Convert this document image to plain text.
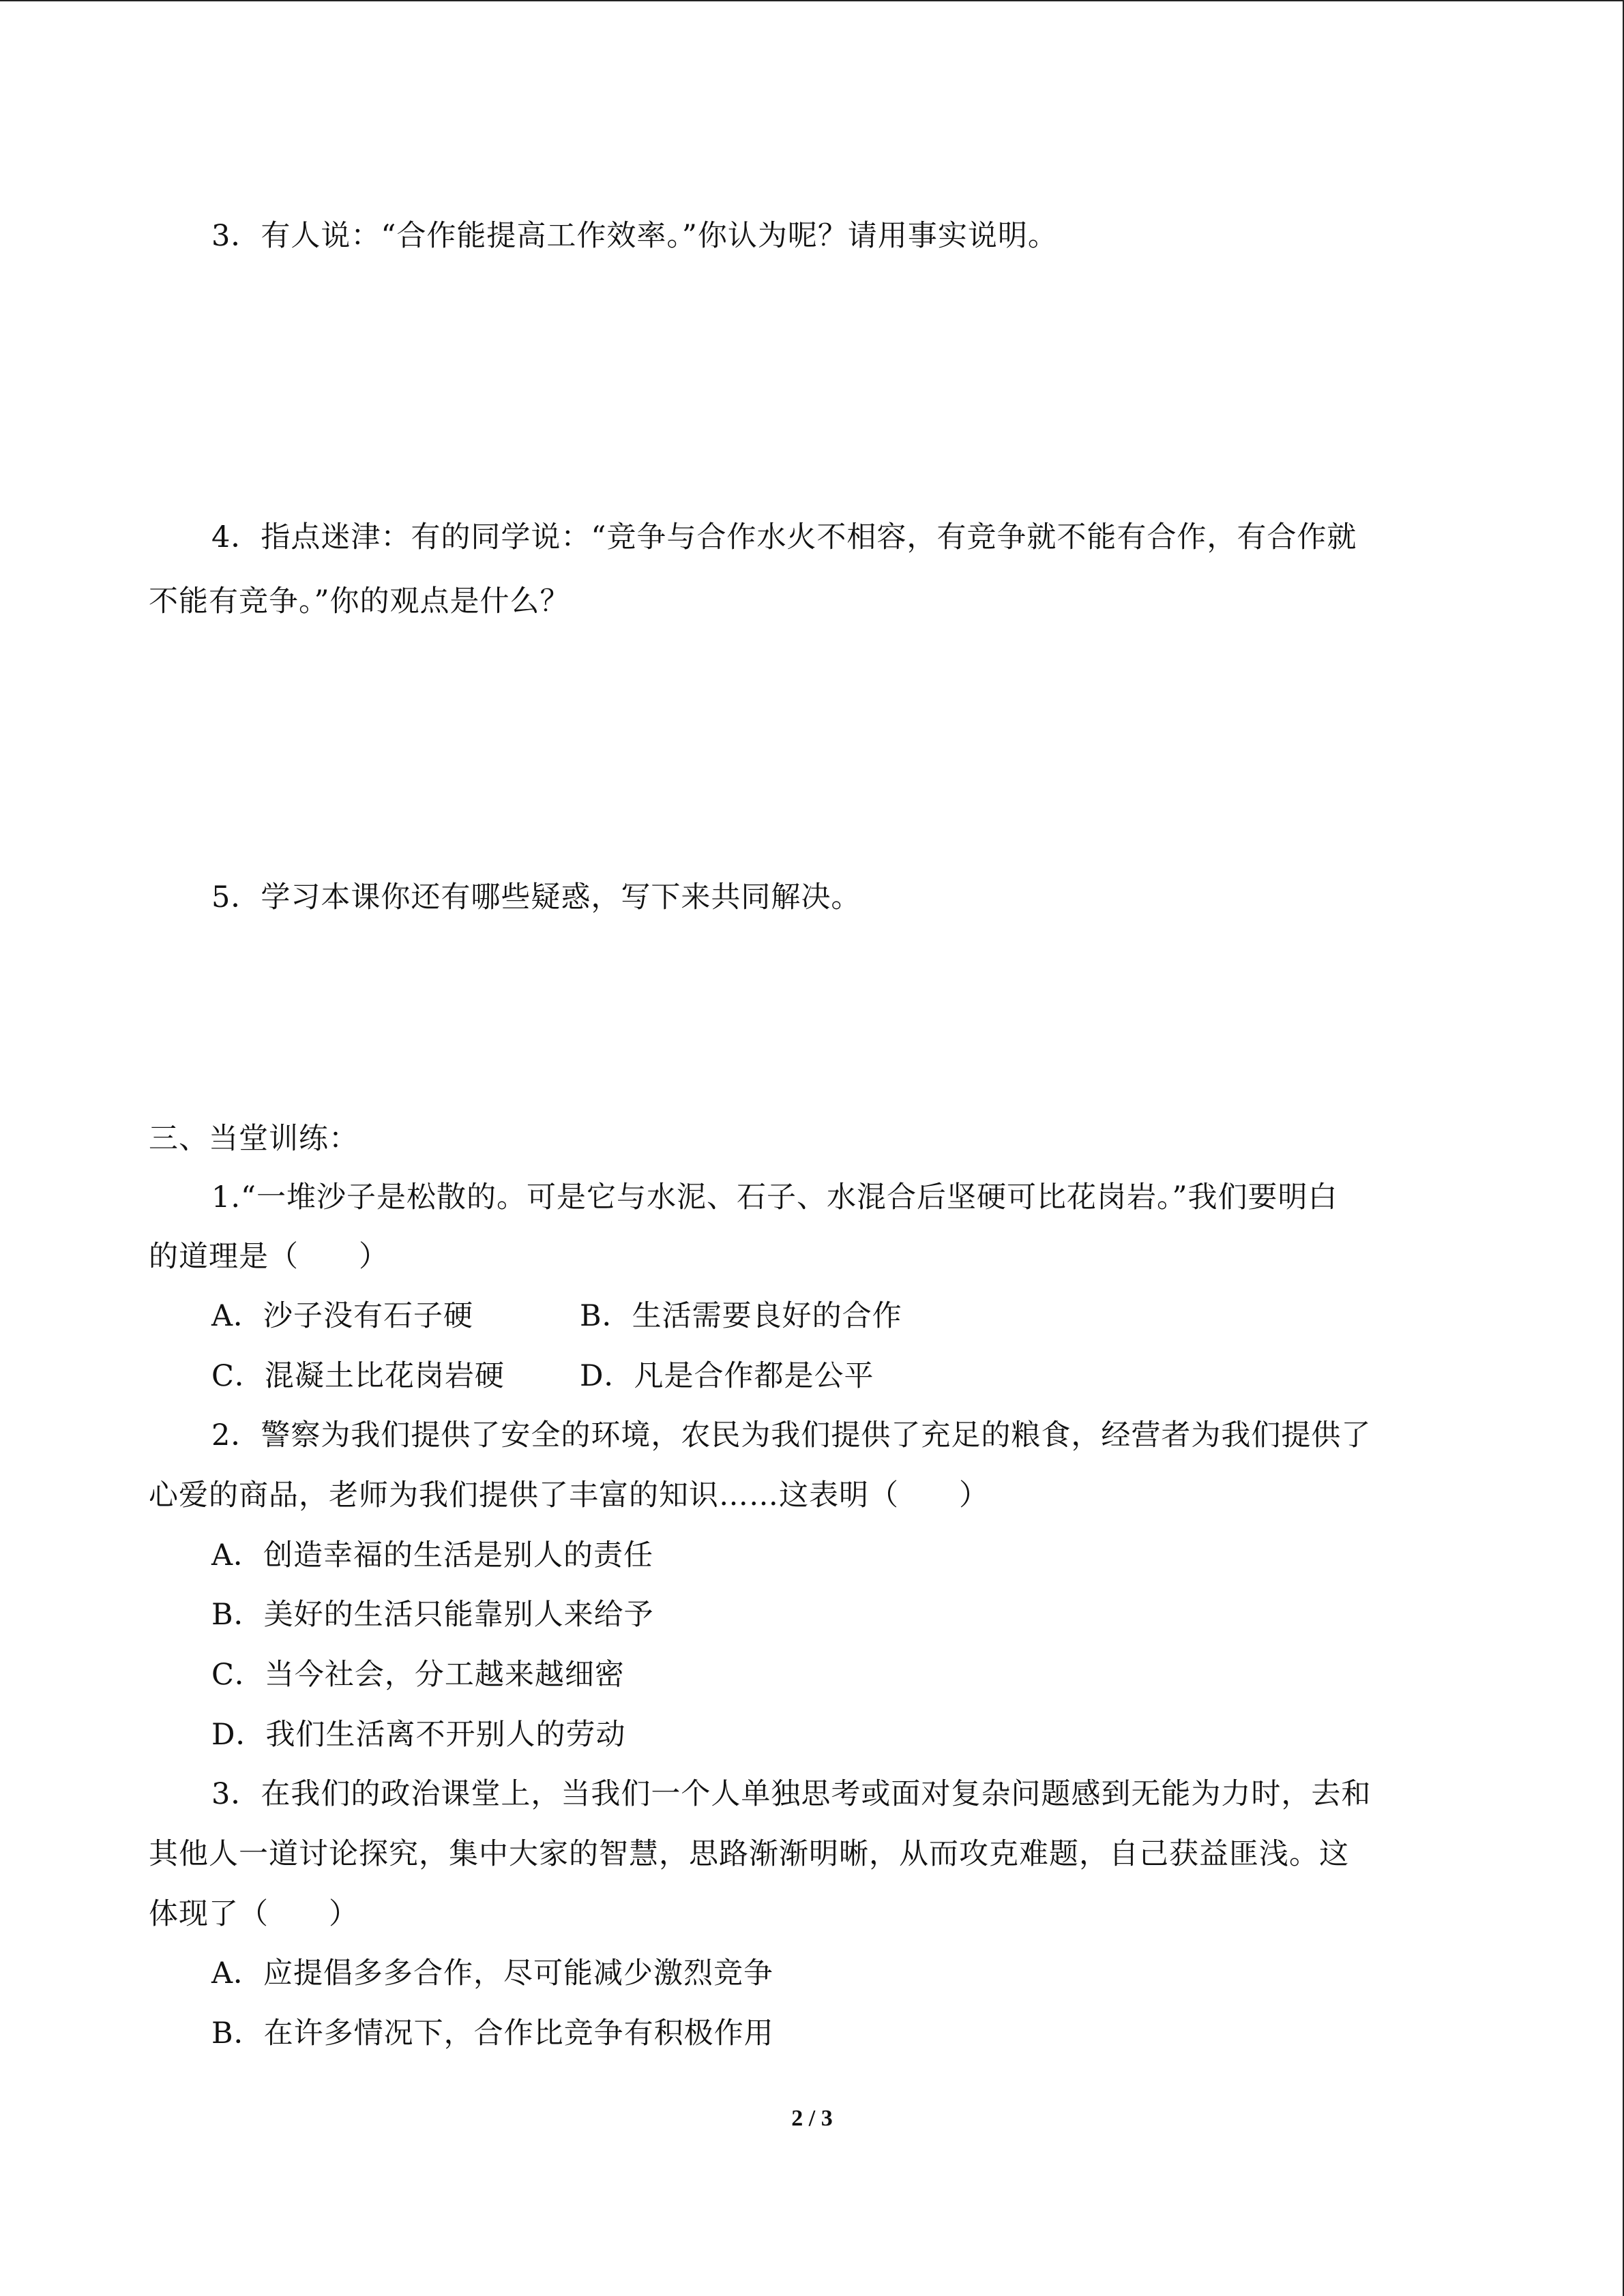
3．有人说：“合作能提高工作效率。”你认为呢？请用事实说明。
4．指点迷津：有的同学说：“竞争与合作水火不相容，有竞争就不能有合作，有合作就
不能有竞争。”你的观点是什么？
5．学习本课你还有哪些疑惑，写下来共同解决。
三、当堂训练：
1.“一堆沙子是松散的。可是它与水泥、石子、水混合后坚硬可比花岗岩。”我们要明白
的道理是（　　）
A．沙子没有石子硬	B．生活需要良好的合作
C．混凝土比花岗岩硬	D．凡是合作都是公平
2．警察为我们提供了安全的环境，农民为我们提供了充足的粮食，经营者为我们提供了
心爱的商品，老师为我们提供了丰富的知识……这表明（　　）
A．创造幸福的生活是别人的责任
B．美好的生活只能靠别人来给予
C．当今社会，分工越来越细密
D．我们生活离不开别人的劳动
3．在我们的政治课堂上，当我们一个人单独思考或面对复杂问题感到无能为力时，去和
其他人一道讨论探究，集中大家的智慧，思路渐渐明晰，从而攻克难题，自己获益匪浅。这
体现了（　　）
A．应提倡多多合作，尽可能减少激烈竞争
B．在许多情况下，合作比竞争有积极作用
2 / 3
